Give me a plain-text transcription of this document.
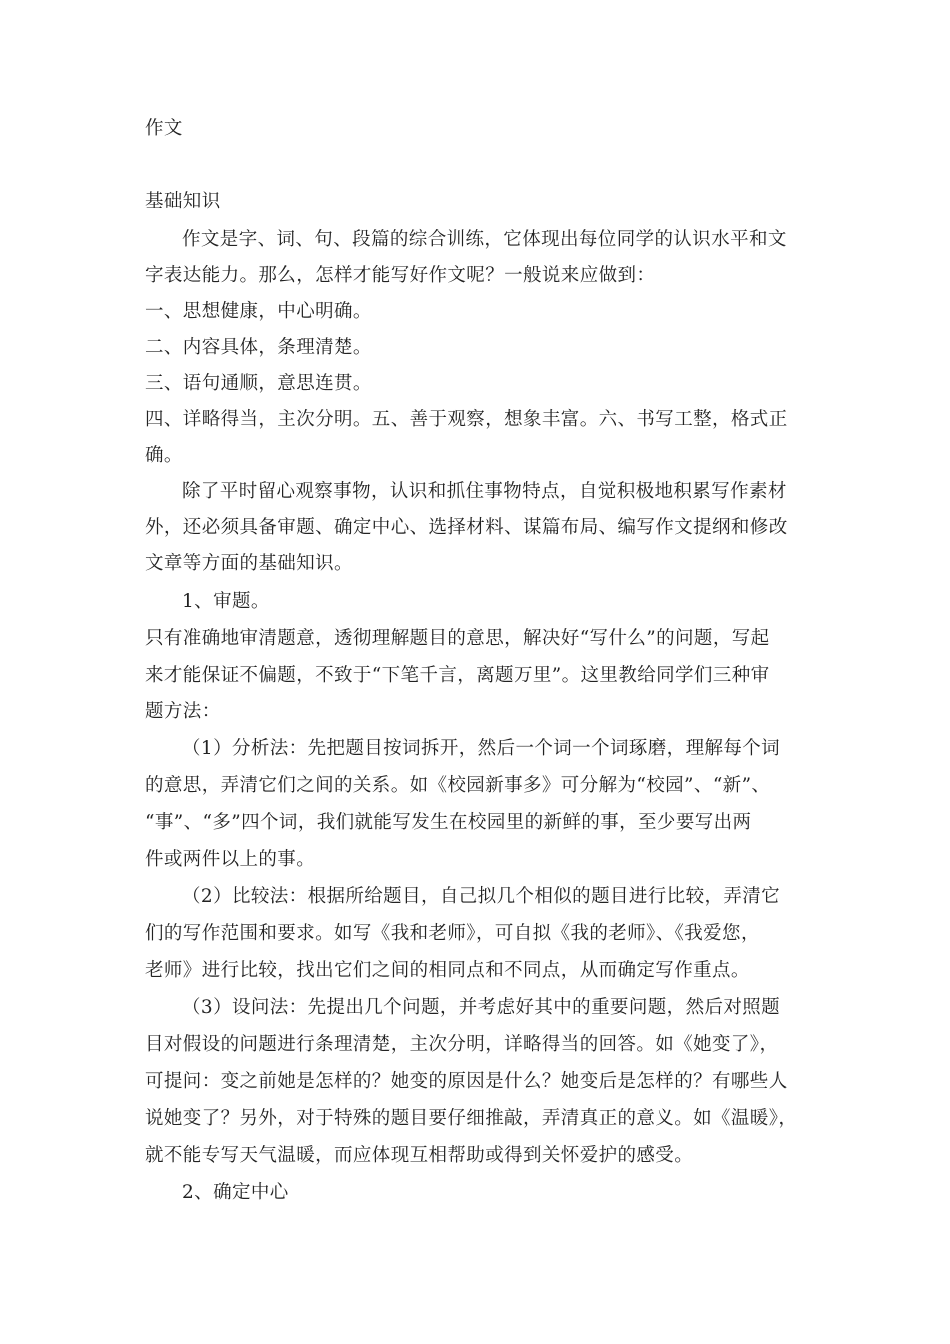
作文
基础知识
作文是字、词、句、段篇的综合训练，它体现出每位同学的认识水平和文
字表达能力。那么，怎样才能写好作文呢？一般说来应做到：
一、思想健康，中心明确。
二、内容具体，条理清楚。
三、语句通顺，意思连贯。
四、详略得当，主次分明。五、善于观察，想象丰富。六、书写工整，格式正
确。
除了平时留心观察事物，认识和抓住事物特点，自觉积极地积累写作素材
外，还必须具备审题、确定中心、选择材料、谋篇布局、编写作文提纲和修改
文章等方面的基础知识。
1、审题。
只有准确地审清题意，透彻理解题目的意思，解决好“写什么”的问题，写起
来才能保证不偏题，不致于“下笔千言，离题万里”。这里教给同学们三种审
题方法：
（1）分析法：先把题目按词拆开，然后一个词一个词琢磨，理解每个词
的意思，弄清它们之间的关系。如《校园新事多》可分解为“校园”、“新”、
“事”、“多”四个词，我们就能写发生在校园里的新鲜的事，至少要写出两
件或两件以上的事。
（2）比较法：根据所给题目，自己拟几个相似的题目进行比较，弄清它
们的写作范围和要求。如写《我和老师》，可自拟《我的老师》、《我爱您，
老师》进行比较，找出它们之间的相同点和不同点，从而确定写作重点。
（3）设问法：先提出几个问题，并考虑好其中的重要问题，然后对照题
目对假设的问题进行条理清楚，主次分明，详略得当的回答。如《她变了》，
可提问：变之前她是怎样的？她变的原因是什么？她变后是怎样的？有哪些人
说她变了？另外，对于特殊的题目要仔细推敲，弄清真正的意义。如《温暖》，
就不能专写天气温暖，而应体现互相帮助或得到关怀爱护的感受。
2、确定中心
